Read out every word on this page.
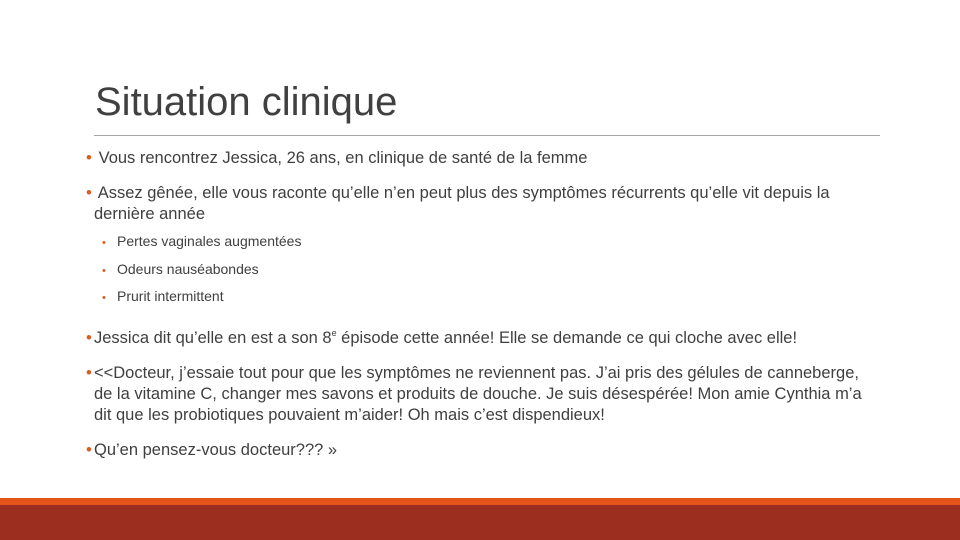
Situation clinique

• Vous rencontrez Jessica, 26 ans, en clinique de santé de la femme

• Assez gênée, elle vous raconte qu’elle n’en peut plus des symptômes récurrents qu’elle vit depuis la dernière année

• Pertes vaginales augmentées
• Odeurs nauséabondes
• Prurit intermittent

• Jessica dit qu’elle en est a son 8e épisode cette année! Elle se demande ce qui cloche avec elle!

• <<Docteur, j’essaie tout pour que les symptômes ne reviennent pas. J’ai pris des gélules de canneberge, de la vitamine C, changer mes savons et produits de douche. Je suis désespérée! Mon amie Cynthia m’a dit que les probiotiques pouvaient m’aider! Oh mais c’est dispendieux!

• Qu’en pensez-vous docteur??? »
